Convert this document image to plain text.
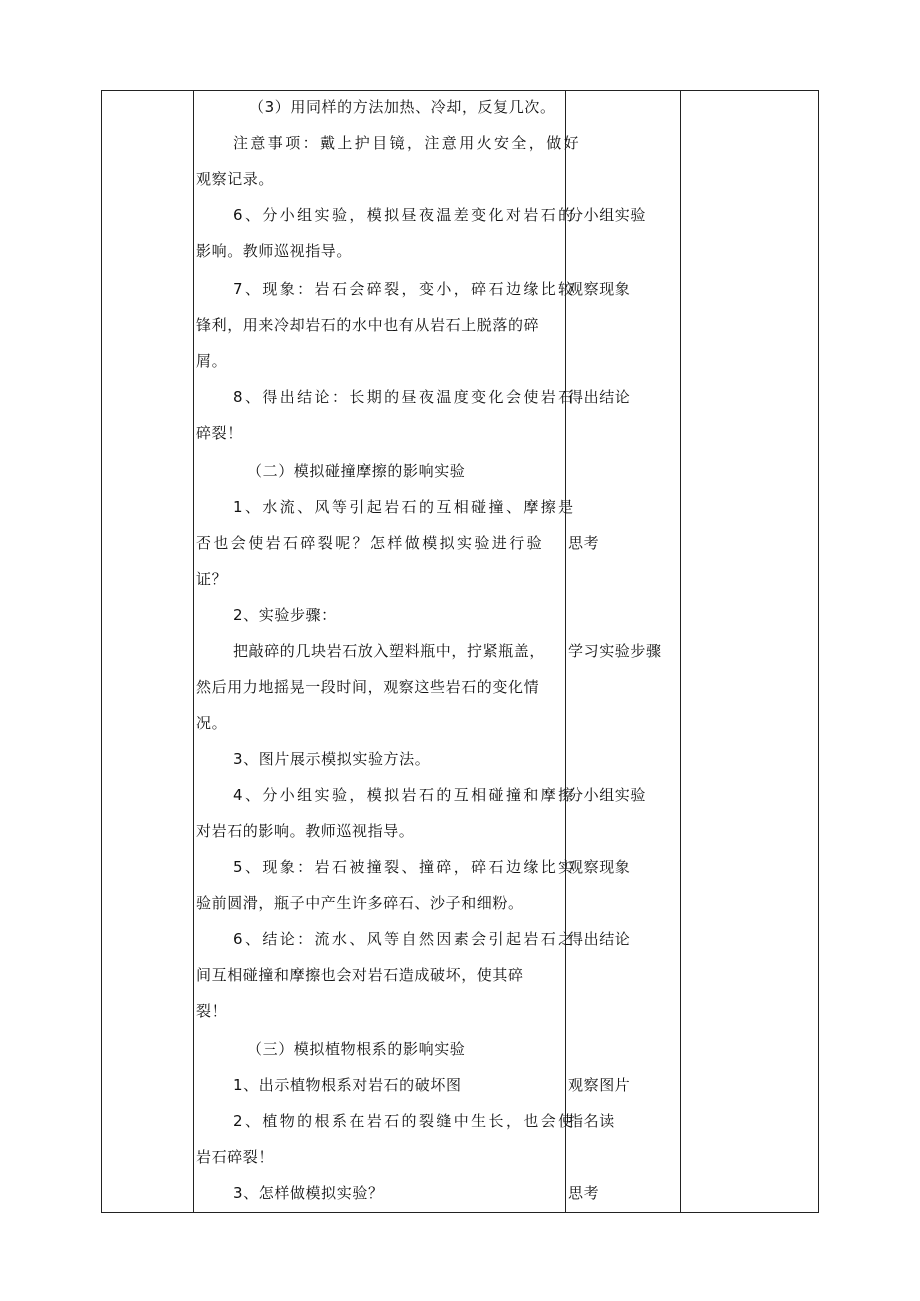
（3）用同样的方法加热、冷却，反复几次。
注意事项：戴上护目镜，注意用火安全，做好
观察记录。
6、分小组实验，模拟昼夜温差变化对岩石的
影响。教师巡视指导。
7、现象：岩石会碎裂，变小，碎石边缘比较
锋利，用来冷却岩石的水中也有从岩石上脱落的碎
屑。
8、得出结论：长期的昼夜温度变化会使岩石
碎裂！
（二）模拟碰撞摩擦的影响实验
1、水流、风等引起岩石的互相碰撞、摩擦是
否也会使岩石碎裂呢？怎样做模拟实验进行验
证？
2、实验步骤：
把敲碎的几块岩石放入塑料瓶中，拧紧瓶盖，
然后用力地摇晃一段时间，观察这些岩石的变化情
况。
3、图片展示模拟实验方法。
4、分小组实验，模拟岩石的互相碰撞和摩擦
对岩石的影响。教师巡视指导。
5、现象：岩石被撞裂、撞碎，碎石边缘比实
验前圆滑，瓶子中产生许多碎石、沙子和细粉。
6、结论：流水、风等自然因素会引起岩石之
间互相碰撞和摩擦也会对岩石造成破坏，使其碎
裂！
（三）模拟植物根系的影响实验
1、出示植物根系对岩石的破坏图
2、植物的根系在岩石的裂缝中生长，也会使
岩石碎裂！
3、怎样做模拟实验？
分小组实验
观察现象
得出结论
思考
学习实验步骤
分小组实验
观察现象
得出结论
观察图片
指名读
思考
